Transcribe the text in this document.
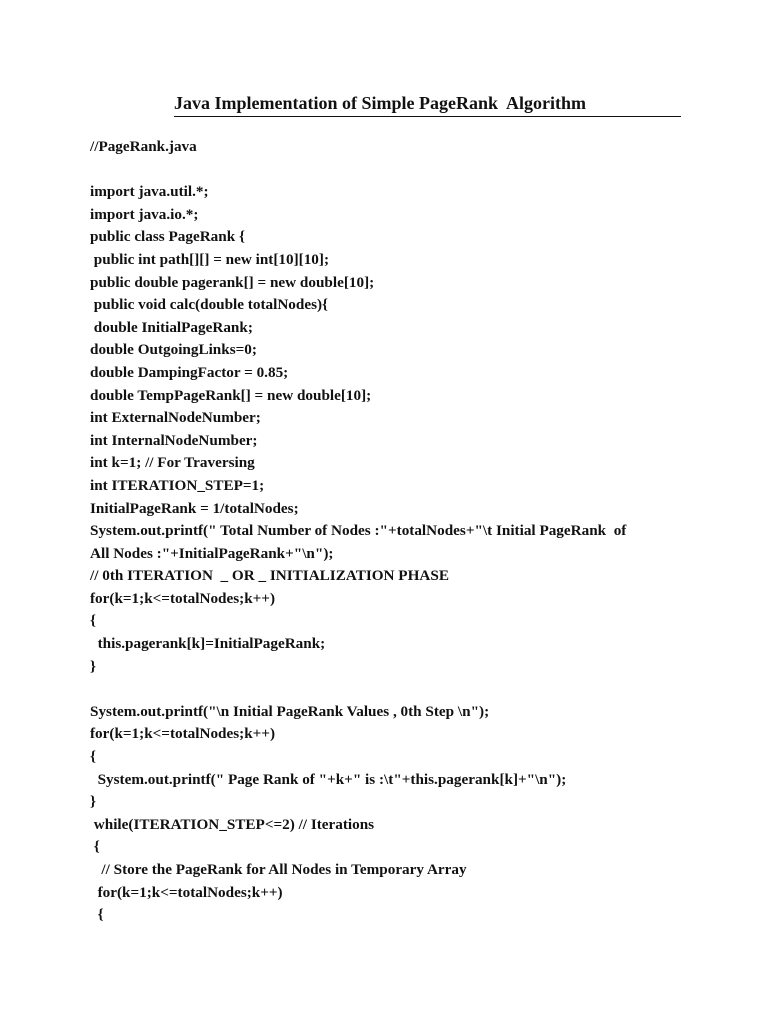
Java Implementation of Simple PageRank  Algorithm
//PageRank.java
import java.util.*;
import java.io.*;
public class PageRank {
public int path[][] = new int[10][10];
public double pagerank[] = new double[10];
public void calc(double totalNodes){
double InitialPageRank;
double OutgoingLinks=0;
double DampingFactor = 0.85;
double TempPageRank[] = new double[10];
int ExternalNodeNumber;
int InternalNodeNumber;
int k=1; // For Traversing
int ITERATION_STEP=1;
InitialPageRank = 1/totalNodes;
System.out.printf(" Total Number of Nodes :"+totalNodes+"\t Initial PageRank  of
All Nodes :"+InitialPageRank+"\n");
// 0th ITERATION  _ OR _ INITIALIZATION PHASE
for(k=1;k<=totalNodes;k++)
{
this.pagerank[k]=InitialPageRank;
}
System.out.printf("\n Initial PageRank Values , 0th Step \n");
for(k=1;k<=totalNodes;k++)
{
System.out.printf(" Page Rank of "+k+" is :\t"+this.pagerank[k]+"\n");
}
while(ITERATION_STEP<=2) // Iterations
{
// Store the PageRank for All Nodes in Temporary Array
for(k=1;k<=totalNodes;k++)
{
